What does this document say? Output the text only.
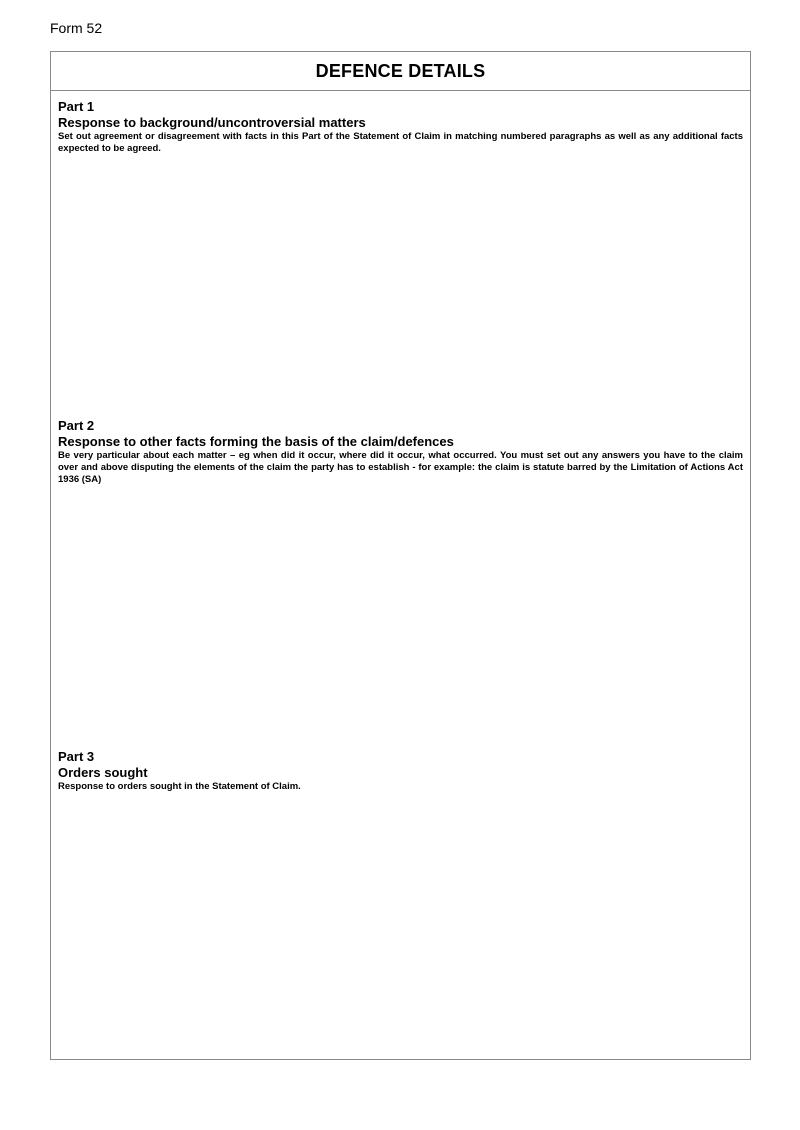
Form 52
DEFENCE DETAILS
Part 1
Response to background/uncontroversial matters
Set out agreement or disagreement with facts in this Part of the Statement of Claim in matching numbered paragraphs as well as any additional facts expected to be agreed.
Part 2
Response to other facts forming the basis of the claim/defences
Be very particular about each matter – eg when did it occur, where did it occur, what occurred. You must set out any answers you have to the claim over and above disputing the elements of the claim the party has to establish - for example: the claim is statute barred by the Limitation of Actions Act 1936 (SA)
Part 3
Orders sought
Response to orders sought in the Statement of Claim.
